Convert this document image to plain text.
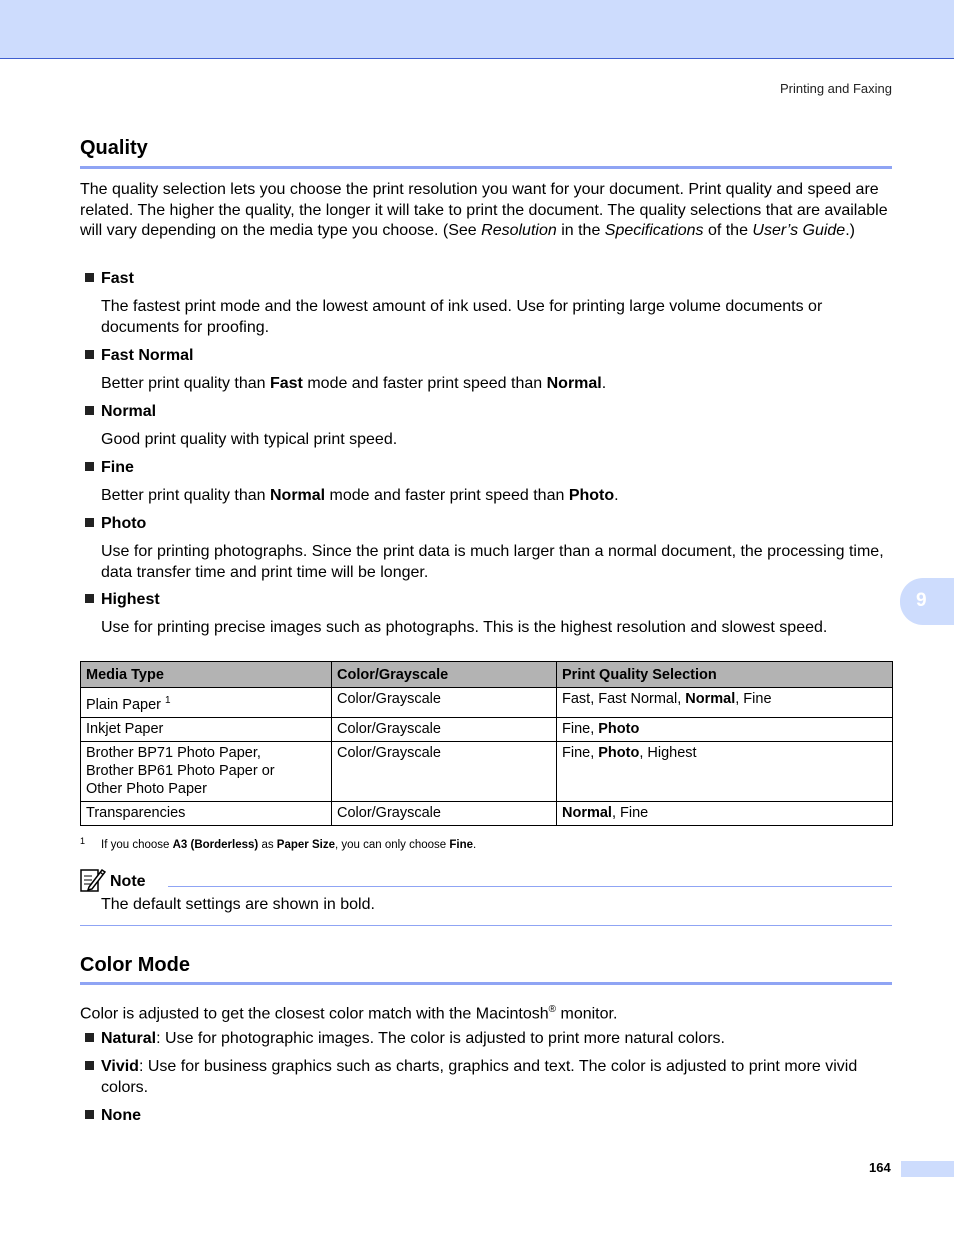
Printing and Faxing
Quality

The quality selection lets you choose the print resolution you want for your document. Print quality and speed are related. The higher the quality, the longer it will take to print the document. The quality selections that are available will vary depending on the media type you choose. (See Resolution in the Specifications of the User’s Guide.)

Fast

The fastest print mode and the lowest amount of ink used. Use for printing large volume documents or documents for proofing.

Fast Normal

Better print quality than Fast mode and faster print speed than Normal.

Normal

Good print quality with typical print speed.

Fine

Better print quality than Normal mode and faster print speed than Photo.

Photo

Use for printing photographs. Since the print data is much larger than a normal document, the processing time, data transfer time and print time will be longer.

Highest

Use for printing precise images such as photographs. This is the highest resolution and slowest speed.

Media Type	Color/Grayscale	Print Quality Selection
Plain Paper $^1$	Color/Grayscale	Fast, Fast Normal, Normal, Fine
Inkjet Paper	Color/Grayscale	Fine, Photo
Brother BP71 Photo Paper,
Brother BP61 Photo Paper or
Other Photo Paper	Color/Grayscale	Fine, Photo, Highest
Transparencies	Color/Grayscale	Normal, Fine
1 If you choose A3 (Borderless) as Paper Size, you can only choose Fine.
Note
The default settings are shown in bold.
Color Mode

Color is adjusted to get the closest color match with the Macintosh® monitor.

Natural: Use for photographic images. The color is adjusted to print more natural colors.
Vivid: Use for business graphics such as charts, graphics and text. The color is adjusted to print more vivid colors.
None
9
164
